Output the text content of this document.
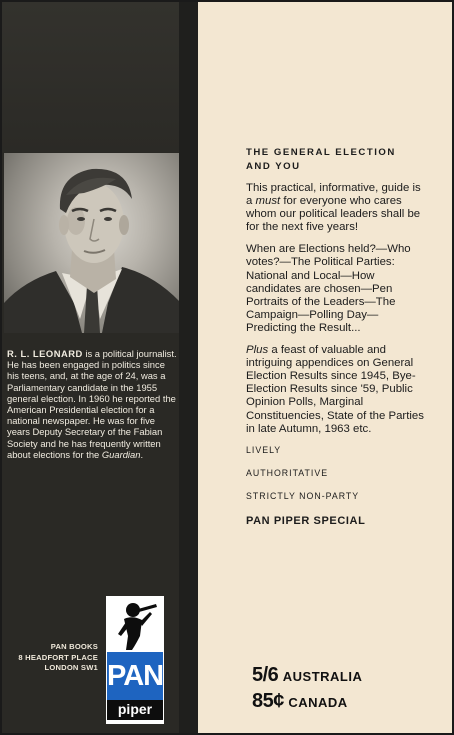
R. L. LEONARD is a political journalist. He has been engaged in politics since his teens, and, at the age of 24, was a Parliamentary candidate in the 1955 general election. In 1960 he reported the American Presidential election for a national newspaper. He was for five years Deputy Secretary of the Fabian Society and he has frequently written about elections for the Guardian.

PAN BOOKS
8 HEADFORT PLACE
LONDON SW1 PAN
piper
THE GENERAL ELECTION AND YOU

This practical, informative, guide is a must for everyone who cares whom our political leaders shall be for the next five years!

When are Elections held?—Who votes?—The Political Parties: National and Local—How candidates are chosen—Pen Portraits of the Leaders—The Campaign—Polling Day—Predicting the Result...

Plus a feast of valuable and intriguing appendices on General Election Results since 1945, Bye-Election Results since '59, Public Opinion Polls, Marginal Constituencies, State of the Parties in late Autumn, 1963 etc.

LIVELY

AUTHORITATIVE

STRICTLY NON-PARTY

PAN PIPER SPECIAL

5/6 AUSTRALIA
85¢ CANADA
